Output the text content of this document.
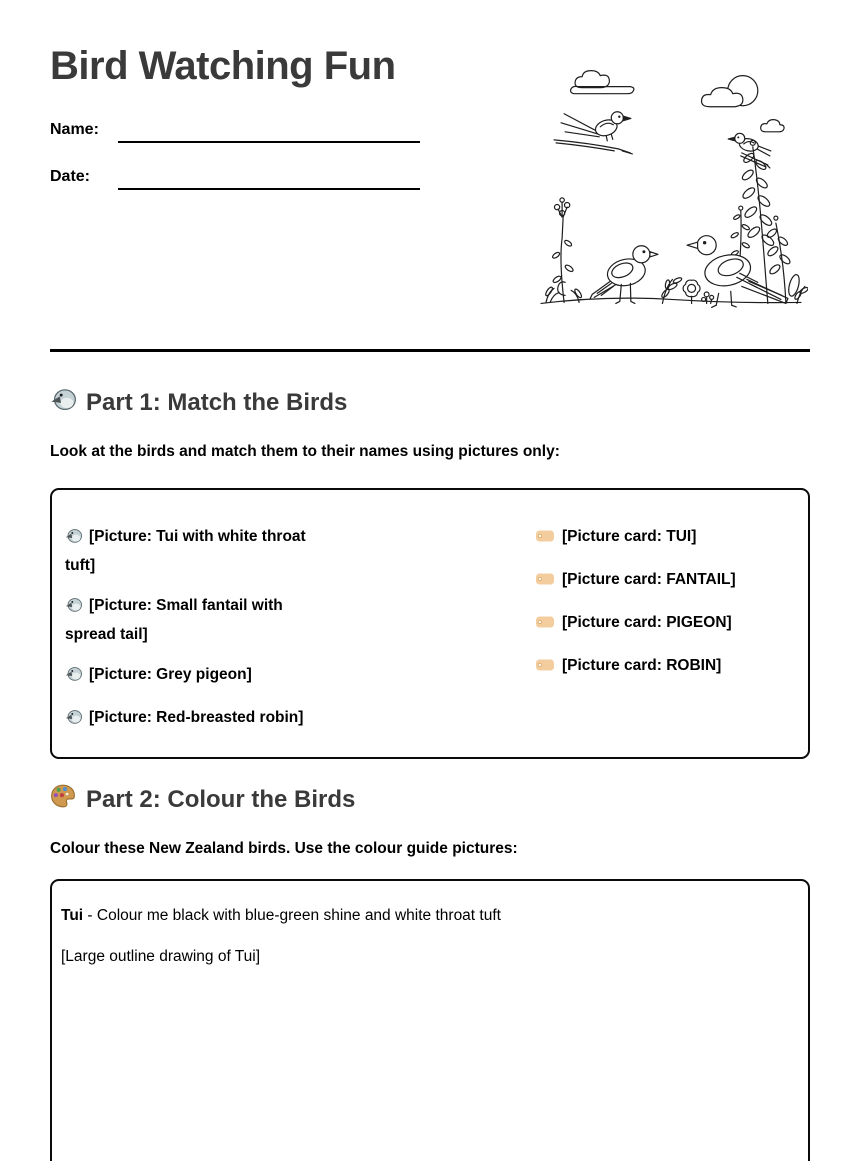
Bird Watching Fun
Name:
Date:
Part 1: Match the Birds

Look at the birds and match them to their names using pictures only:

[Picture: Tui with white throat tuft]

[Picture: Small fantail with spread tail]

[Picture: Grey pigeon]

[Picture: Red-breasted robin]

[Picture card: TUI]

[Picture card: FANTAIL]

[Picture card: PIGEON]

[Picture card: ROBIN]

Part 2: Colour the Birds

Colour these New Zealand birds. Use the colour guide pictures:

Tui - Colour me black with blue-green shine and white throat tuft

[Large outline drawing of Tui]
